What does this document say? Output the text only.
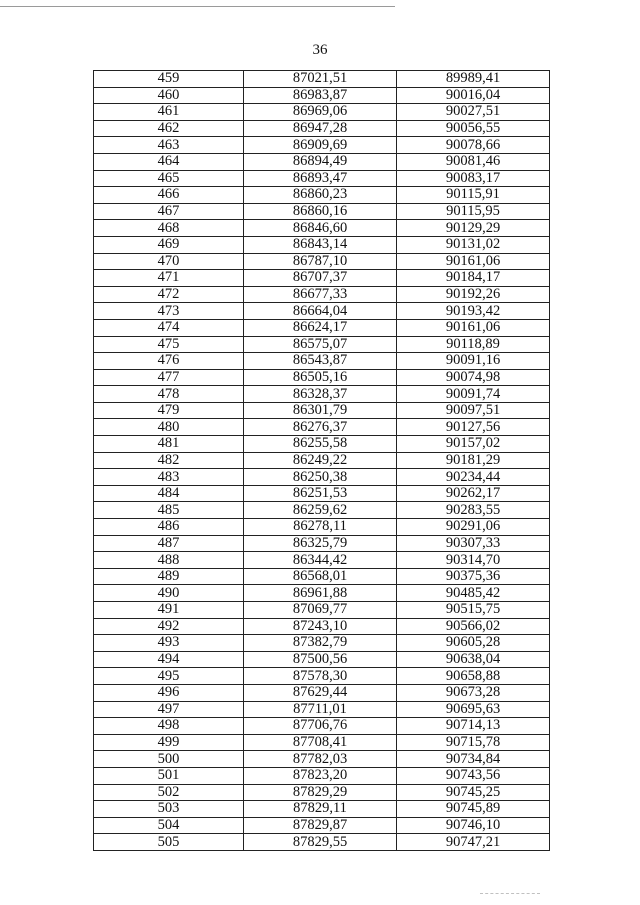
36
459	87021,51	89989,41
460	86983,87	90016,04
461	86969,06	90027,51
462	86947,28	90056,55
463	86909,69	90078,66
464	86894,49	90081,46
465	86893,47	90083,17
466	86860,23	90115,91
467	86860,16	90115,95
468	86846,60	90129,29
469	86843,14	90131,02
470	86787,10	90161,06
471	86707,37	90184,17
472	86677,33	90192,26
473	86664,04	90193,42
474	86624,17	90161,06
475	86575,07	90118,89
476	86543,87	90091,16
477	86505,16	90074,98
478	86328,37	90091,74
479	86301,79	90097,51
480	86276,37	90127,56
481	86255,58	90157,02
482	86249,22	90181,29
483	86250,38	90234,44
484	86251,53	90262,17
485	86259,62	90283,55
486	86278,11	90291,06
487	86325,79	90307,33
488	86344,42	90314,70
489	86568,01	90375,36
490	86961,88	90485,42
491	87069,77	90515,75
492	87243,10	90566,02
493	87382,79	90605,28
494	87500,56	90638,04
495	87578,30	90658,88
496	87629,44	90673,28
497	87711,01	90695,63
498	87706,76	90714,13
499	87708,41	90715,78
500	87782,03	90734,84
501	87823,20	90743,56
502	87829,29	90745,25
503	87829,11	90745,89
504	87829,87	90746,10
505	87829,55	90747,21
